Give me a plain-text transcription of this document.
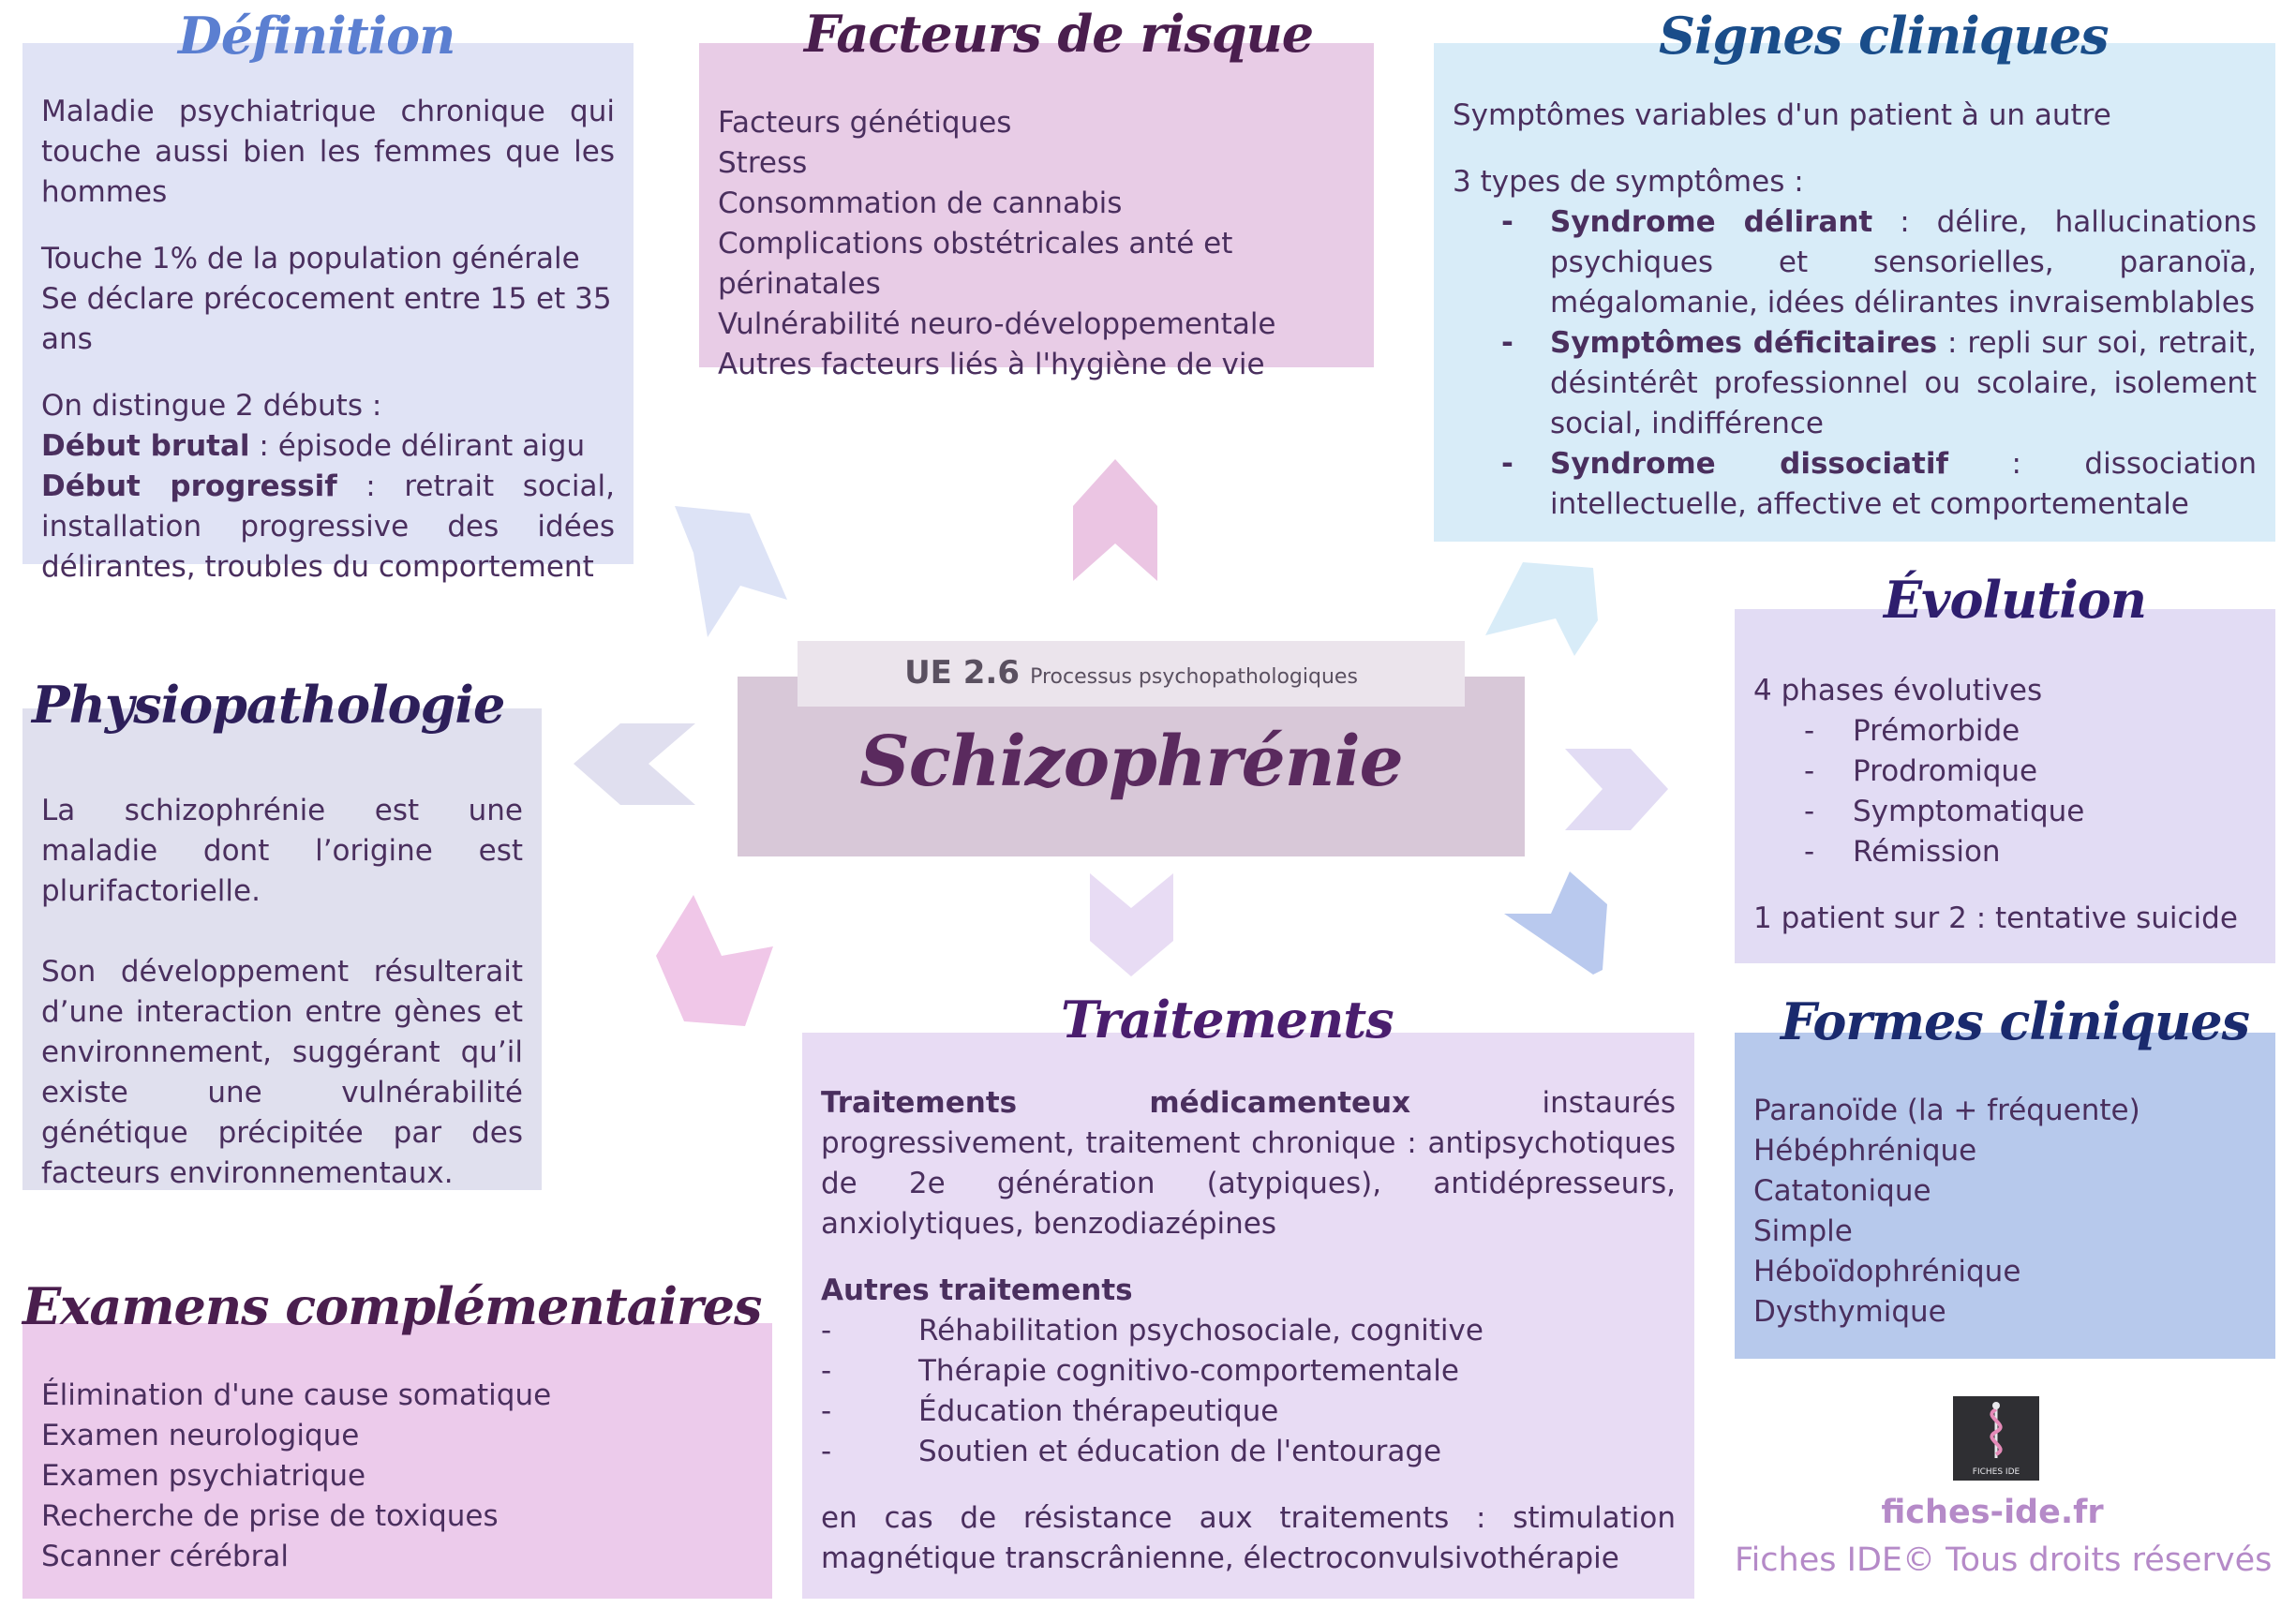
Maladie psychiatrique chronique qui touche aussi bien les femmes que les hommes
Touche 1% de la population générale
Se déclare précocement entre 15 et 35 ans
On distingue 2 débuts :
Début brutal : épisode délirant aigu
Début progressif : retrait social, installation progressive des idées délirantes, troubles du comportement
Définition
Facteurs génétiques
Stress
Consommation de cannabis
Complications obstétricales anté et périnatales
Vulnérabilité neuro-développementale
Autres facteurs liés à l'hygiène de vie
Facteurs de risque
Symptômes variables d'un patient à un autre
3 types de symptômes :
- Syndrome délirant : délire, hallucinations psychiques et sensorielles, paranoïa, mégalomanie, idées délirantes invraisemblables
- Symptômes déficitaires : repli sur soi, retrait, désintérêt professionnel ou scolaire, isolement social, indifférence
- Syndrome dissociatif : dissociation intellectuelle, affective et comportementale
Signes cliniques
Schizophrénie
UE 2.6 Processus psychopathologiques
La schizophrénie est une maladie dont l’origine est plurifactorielle.
Son développement résulterait d’une interaction entre gènes et environnement, suggérant qu’il existe une vulnérabilité génétique précipitée par des facteurs environnementaux.
Physiopathologie	4 phases évolutives
- Prémorbide
- Prodromique
- Symptomatique
- Rémission
1 patient sur 2 : tentative suicide
Évolution
Traitements médicamenteux instaurés progressivement, traitement chronique : antipsychotiques de 2e génération (atypiques), antidépresseurs, anxiolytiques, benzodiazépines
Autres traitements
-	Réhabilitation psychosociale, cognitive
-	Thérapie cognitivo-comportementale
-	Éducation thérapeutique
-	Soutien et éducation de l'entourage
en cas de résistance aux traitements : stimulation magnétique transcrânienne, électroconvulsivothérapie
Traitements
Élimination d'une cause somatique
Examen neurologique
Examen psychiatrique
Recherche de prise de toxiques
Scanner cérébral
Examens complémentaires
Paranoïde (la + fréquente)
Hébéphrénique
Catatonique
Simple
Héboïdophrénique
Dysthymique
Formes cliniques
FICHES IDE
fiches-ide.fr
Fiches IDE© Tous droits réservés
